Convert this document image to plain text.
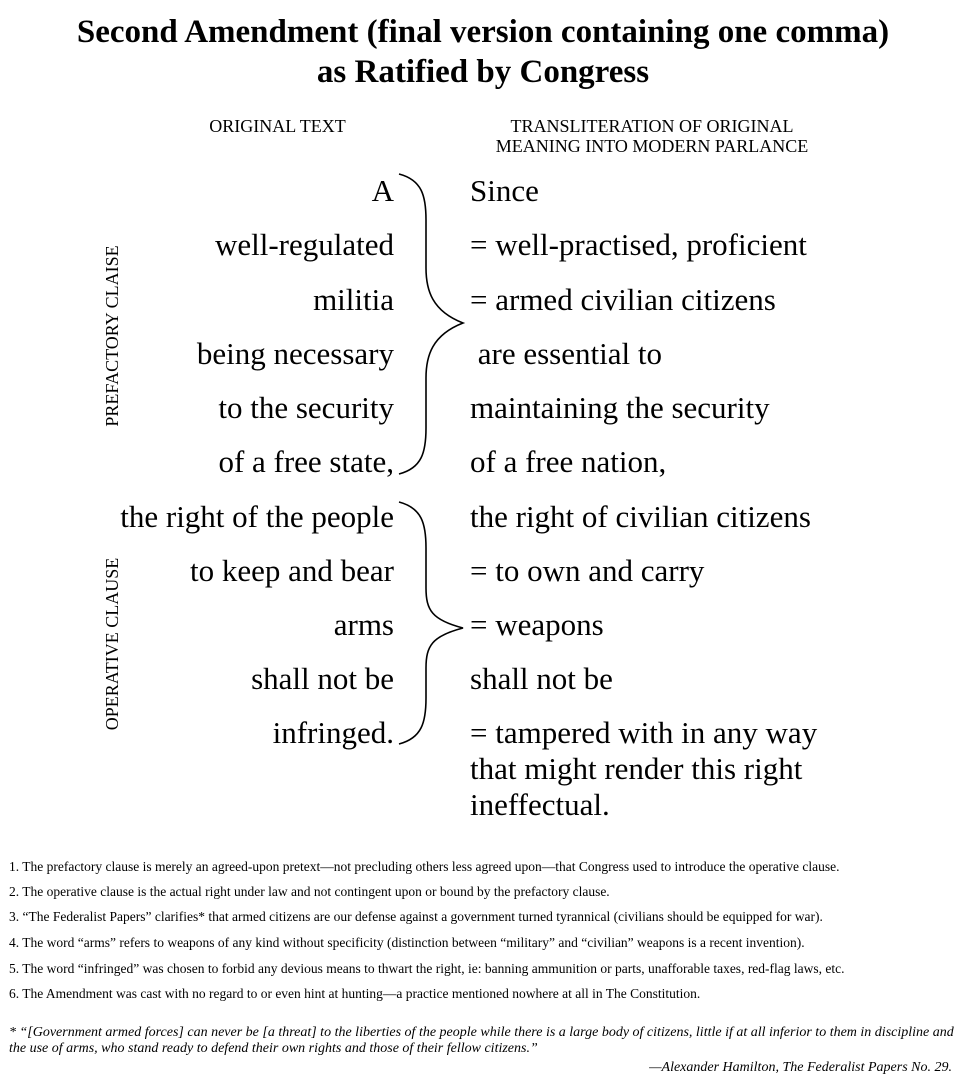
Second Amendment (final version containing one comma)
as Ratified by Congress
ORIGINAL TEXT	TRANSLITERATION OF ORIGINAL
MEANING INTO MODERN PARLANCE
PREFACTORY CLAISE
OPERATIVE CLAUSE
A
well-regulated
militia
being necessary
to the security
of a free state,
the right of the people
to keep and bear
arms
shall not be
infringed.
Since
= well-practised, proficient
= armed civilian citizens
are essential to
maintaining the security
of a free nation,
the right of civilian citizens
= to own and carry
= weapons
shall not be
= tampered with in any way
that might render this right
ineffectual.
1. The prefactory clause is merely an agreed-upon pretext—not precluding others less agreed upon—that Congress used to introduce the operative clause.
2. The operative clause is the actual right under law and not contingent upon or bound by the prefactory clause.
3. “The Federalist Papers” clarifies* that armed citizens are our defense against a government turned tyrannical (civilians should be equipped for war).
4. The word “arms” refers to weapons of any kind without specificity (distinction between “military” and “civilian” weapons is a recent invention).
5. The word “infringed” was chosen to forbid any devious means to thwart the right, ie: banning ammunition or parts, unafforable taxes, red-flag laws, etc.
6. The Amendment was cast with no regard to or even hint at hunting—a practice mentioned nowhere at all in The Constitution.
* “[Government armed forces] can never be [a threat] to the liberties of the people while there is a large body of citizens, little if at all inferior to them in discipline and the use of arms, who stand ready to defend their own rights and those of their fellow citizens.”
—Alexander Hamilton, The Federalist Papers No. 29.
